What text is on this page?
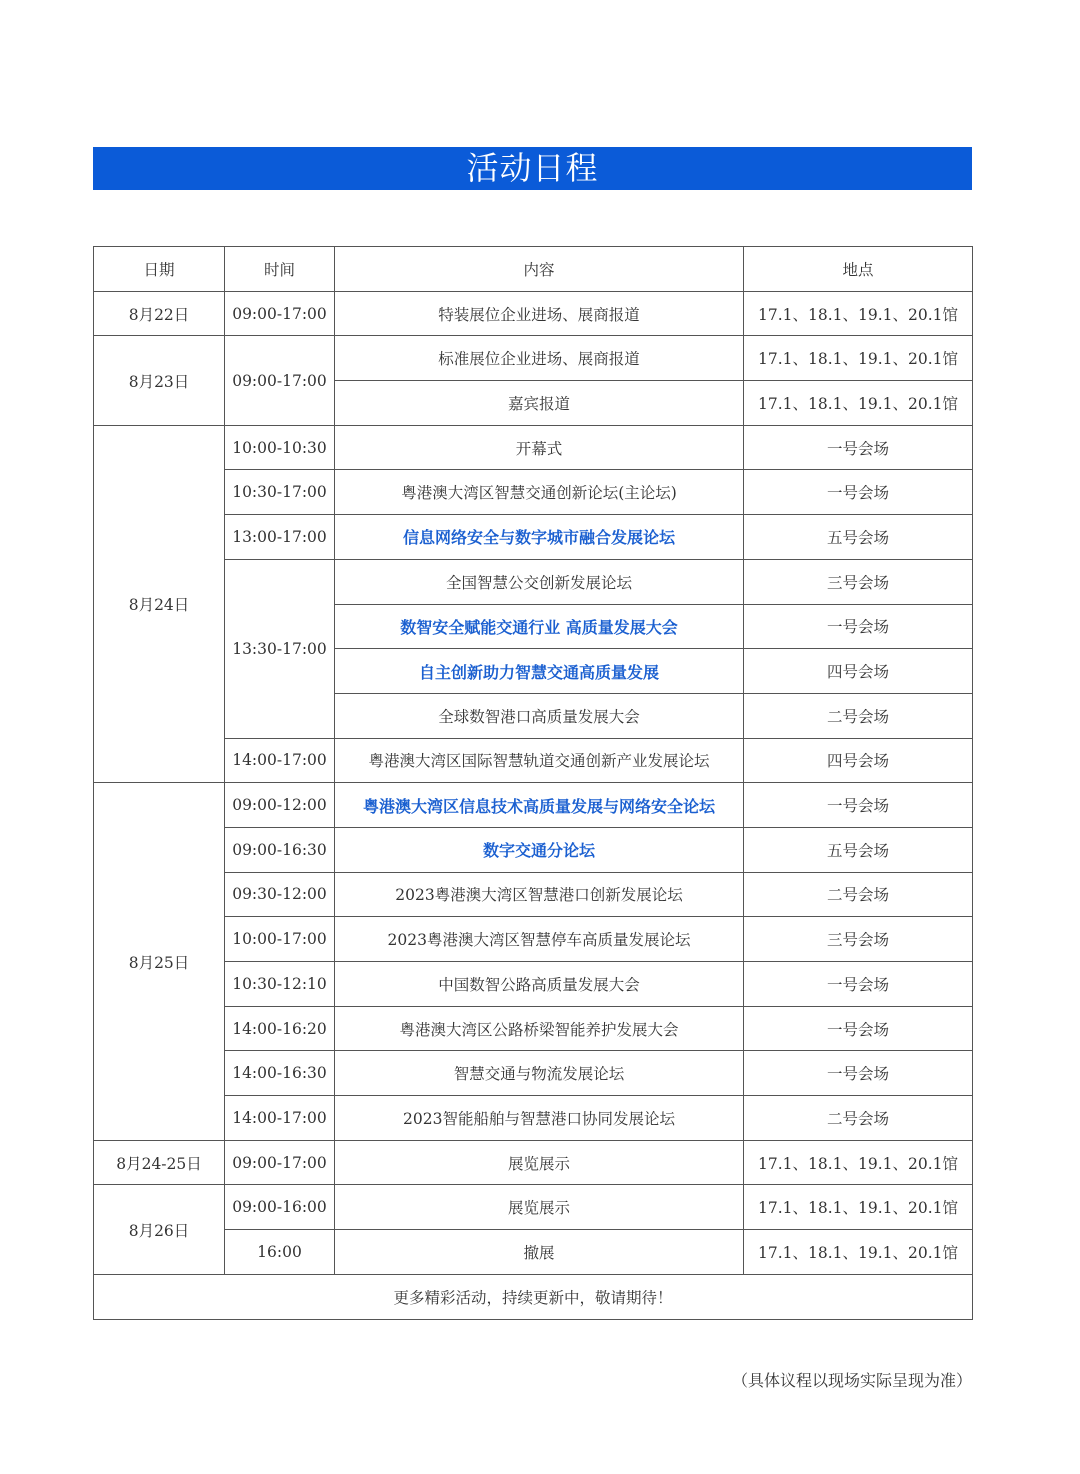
活动日程
日期	时间	内容	地点
8月22日	09:00-17:00	特装展位企业进场、展商报道	17.1、18.1、19.1、20.1馆
8月23日	09:00-17:00	标准展位企业进场、展商报道	17.1、18.1、19.1、20.1馆
		嘉宾报道	17.1、18.1、19.1、20.1馆
8月24日	10:00-10:30	开幕式	一号会场
	10:30-17:00	粤港澳大湾区智慧交通创新论坛(主论坛)	一号会场
	13:00-17:00	信息网络安全与数字城市融合发展论坛	五号会场
	13:30-17:00	全国智慧公交创新发展论坛	三号会场
		数智安全赋能交通行业 高质量发展大会	一号会场
		自主创新助力智慧交通高质量发展	四号会场
		全球数智港口高质量发展大会	二号会场
	14:00-17:00	粤港澳大湾区国际智慧轨道交通创新产业发展论坛	四号会场
8月25日	09:00-12:00	粤港澳大湾区信息技术高质量发展与网络安全论坛	一号会场
	09:00-16:30	数字交通分论坛	五号会场
	09:30-12:00	2023粤港澳大湾区智慧港口创新发展论坛	二号会场
	10:00-17:00	2023粤港澳大湾区智慧停车高质量发展论坛	三号会场
	10:30-12:10	中国数智公路高质量发展大会	一号会场
	14:00-16:20	粤港澳大湾区公路桥梁智能养护发展大会	一号会场
	14:00-16:30	智慧交通与物流发展论坛	一号会场
	14:00-17:00	2023智能船舶与智慧港口协同发展论坛	二号会场
8月24-25日	09:00-17:00	展览展示	17.1、18.1、19.1、20.1馆
8月26日	09:00-16:00	展览展示	17.1、18.1、19.1、20.1馆
	16:00	撤展	17.1、18.1、19.1、20.1馆
更多精彩活动，持续更新中，敬请期待！			
（具体议程以现场实际呈现为准）
